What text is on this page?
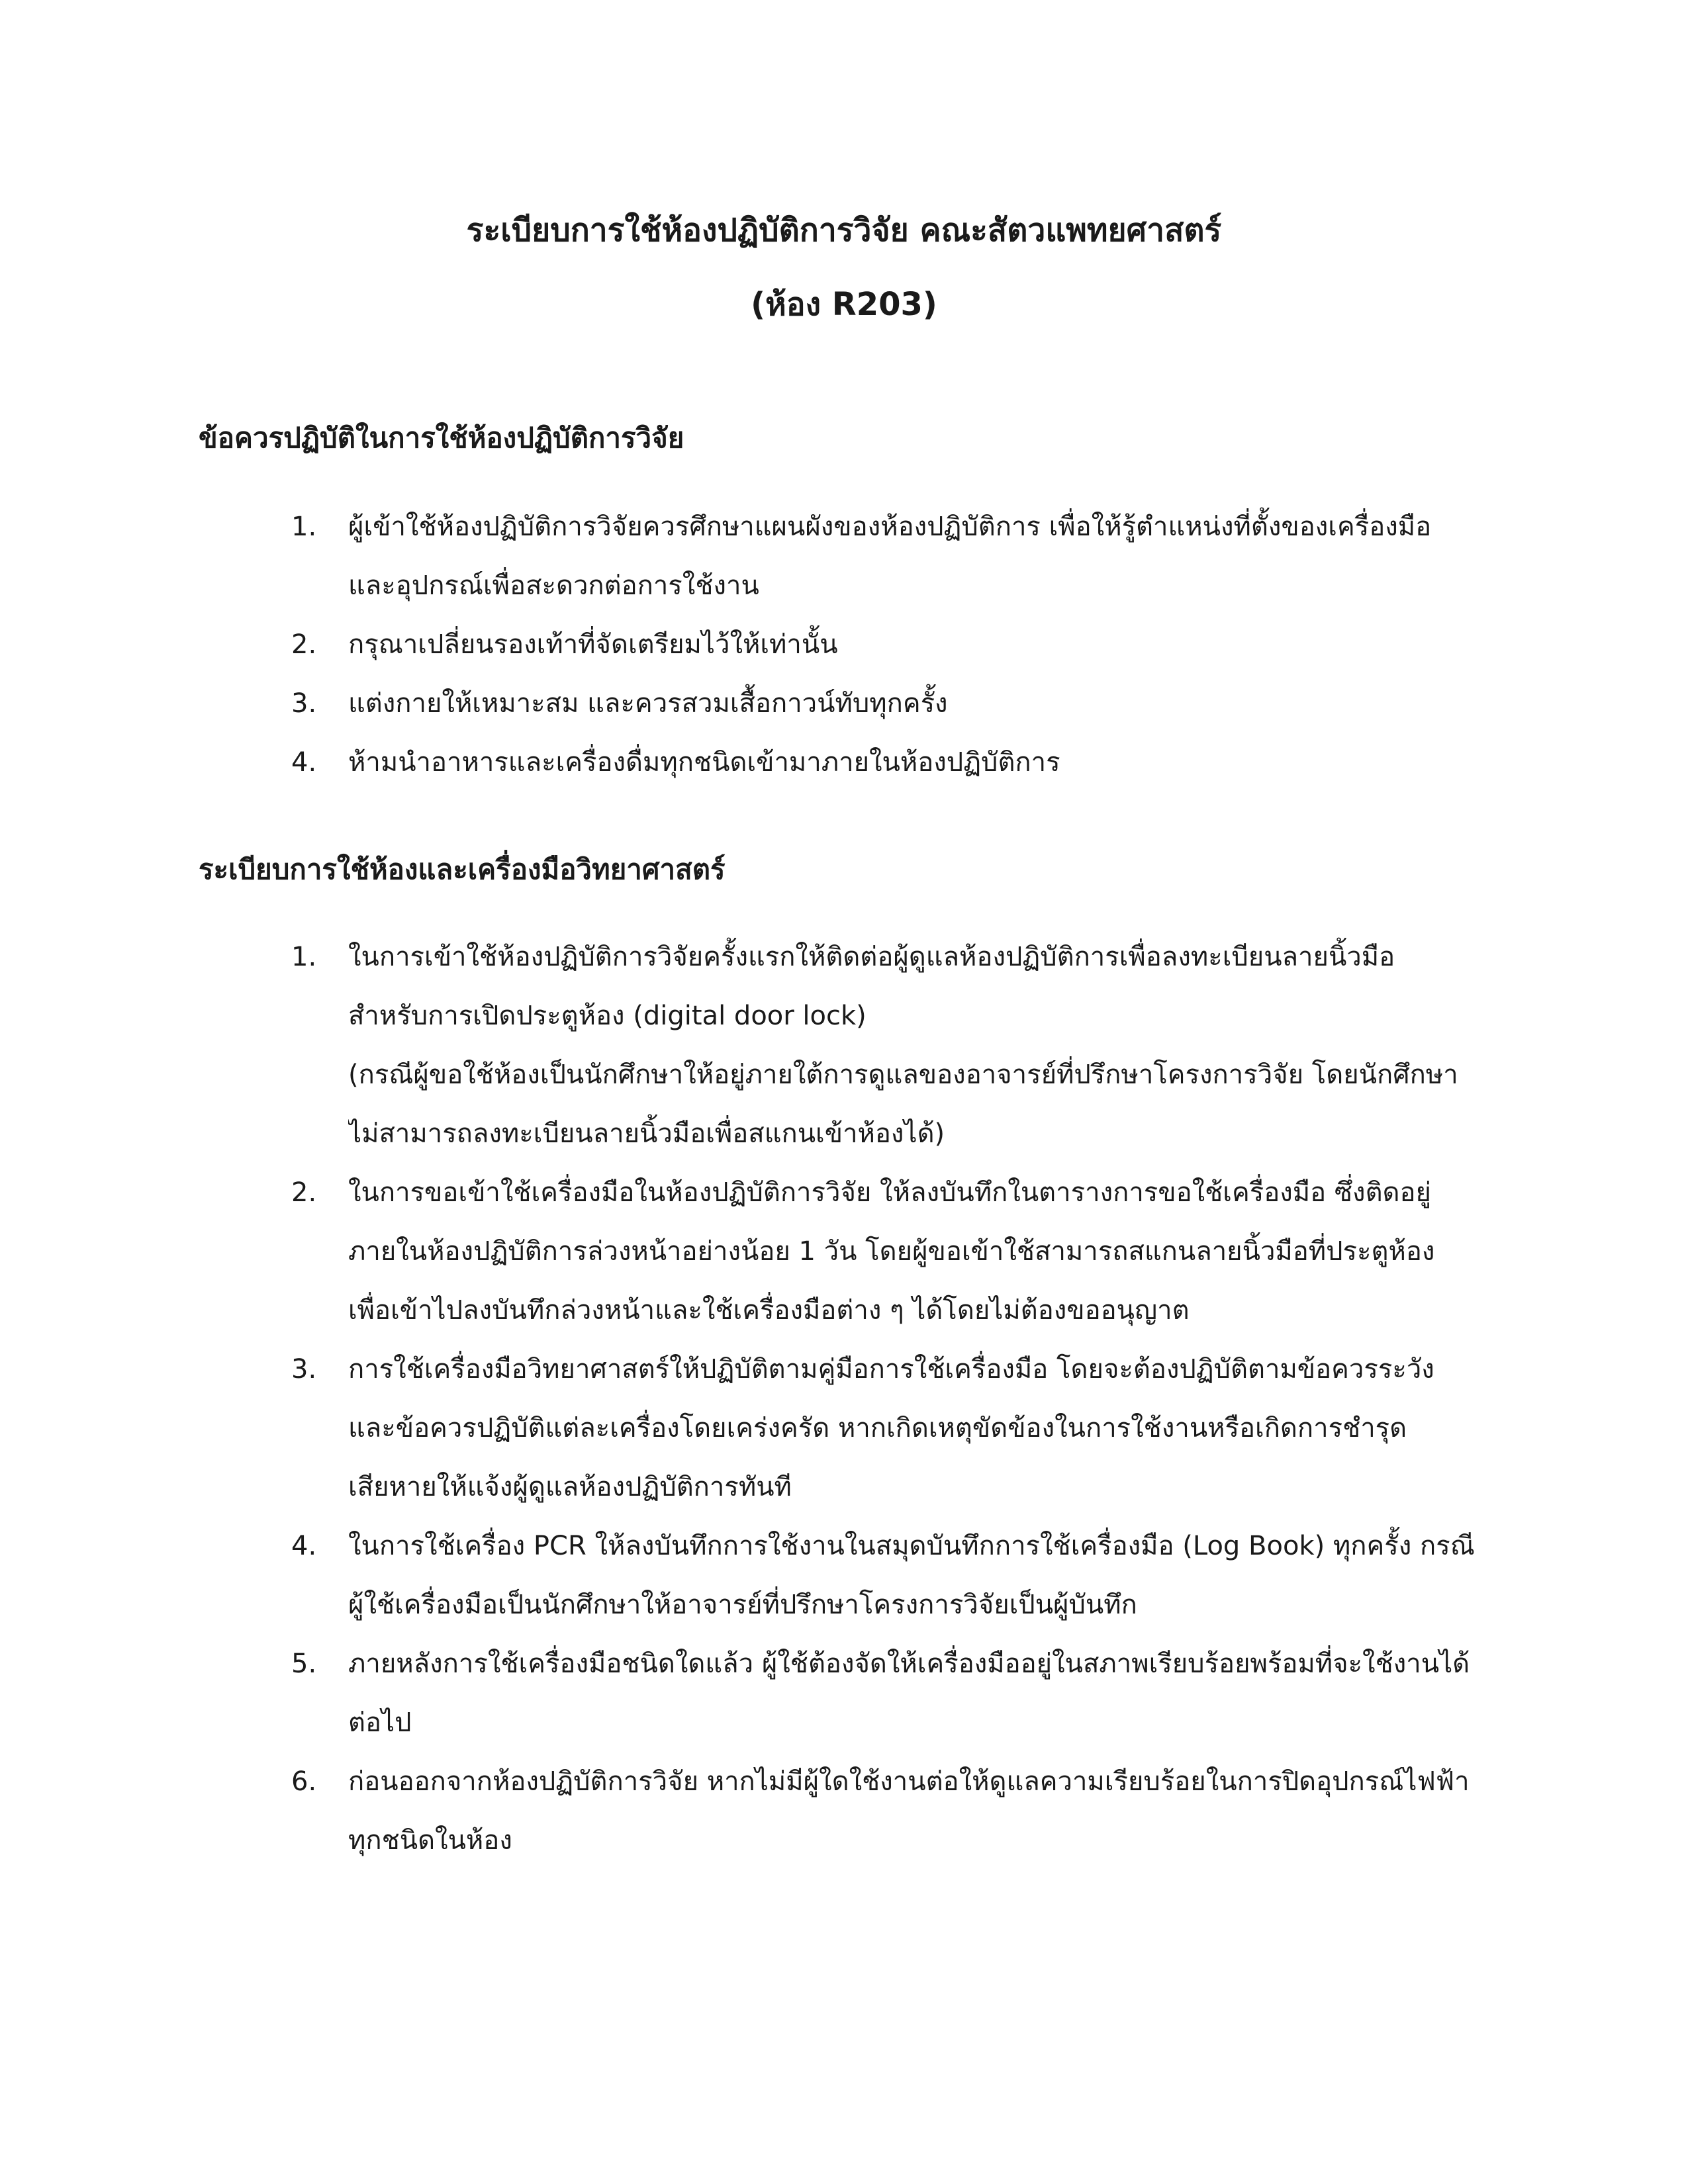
ระเบียบการใช้ห้องปฏิบัติการวิจัย คณะสัตวแพทยศาสตร์
(ห้อง R203)
ข้อควรปฏิบัติในการใช้ห้องปฏิบัติการวิจัย
1.	ผู้เข้าใช้ห้องปฏิบัติการวิจัยควรศึกษาแผนผังของห้องปฏิบัติการ เพื่อให้รู้ตำแหน่งที่ตั้งของเครื่องมือ
และอุปกรณ์เพื่อสะดวกต่อการใช้งาน
2.	กรุณาเปลี่ยนรองเท้าที่จัดเตรียมไว้ให้เท่านั้น
3.	แต่งกายให้เหมาะสม และควรสวมเสื้อกาวน์ทับทุกครั้ง
4.	ห้ามนำอาหารและเครื่องดื่มทุกชนิดเข้ามาภายในห้องปฏิบัติการ
ระเบียบการใช้ห้องและเครื่องมือวิทยาศาสตร์
1.	ในการเข้าใช้ห้องปฏิบัติการวิจัยครั้งแรกให้ติดต่อผู้ดูแลห้องปฏิบัติการเพื่อลงทะเบียนลายนิ้วมือ
สำหรับการเปิดประตูห้อง (digital door lock)
(กรณีผู้ขอใช้ห้องเป็นนักศึกษาให้อยู่ภายใต้การดูแลของอาจารย์ที่ปรึกษาโครงการวิจัย โดยนักศึกษา
ไม่สามารถลงทะเบียนลายนิ้วมือเพื่อสแกนเข้าห้องได้)
2.	ในการขอเข้าใช้เครื่องมือในห้องปฏิบัติการวิจัย ให้ลงบันทึกในตารางการขอใช้เครื่องมือ ซึ่งติดอยู่
ภายในห้องปฏิบัติการล่วงหน้าอย่างน้อย 1 วัน โดยผู้ขอเข้าใช้สามารถสแกนลายนิ้วมือที่ประตูห้อง
เพื่อเข้าไปลงบันทึกล่วงหน้าและใช้เครื่องมือต่าง ๆ ได้โดยไม่ต้องขออนุญาต
3.	การใช้เครื่องมือวิทยาศาสตร์ให้ปฏิบัติตามคู่มือการใช้เครื่องมือ โดยจะต้องปฏิบัติตามข้อควรระวัง
และข้อควรปฏิบัติแต่ละเครื่องโดยเคร่งครัด หากเกิดเหตุขัดข้องในการใช้งานหรือเกิดการชำรุด
เสียหายให้แจ้งผู้ดูแลห้องปฏิบัติการทันที
4.	ในการใช้เครื่อง PCR ให้ลงบันทึกการใช้งานในสมุดบันทึกการใช้เครื่องมือ (Log Book) ทุกครั้ง กรณี
ผู้ใช้เครื่องมือเป็นนักศึกษาให้อาจารย์ที่ปรึกษาโครงการวิจัยเป็นผู้บันทึก
5.	ภายหลังการใช้เครื่องมือชนิดใดแล้ว ผู้ใช้ต้องจัดให้เครื่องมืออยู่ในสภาพเรียบร้อยพร้อมที่จะใช้งานได้
ต่อไป
6.	ก่อนออกจากห้องปฏิบัติการวิจัย หากไม่มีผู้ใดใช้งานต่อให้ดูแลความเรียบร้อยในการปิดอุปกรณ์ไฟฟ้า
ทุกชนิดในห้อง
